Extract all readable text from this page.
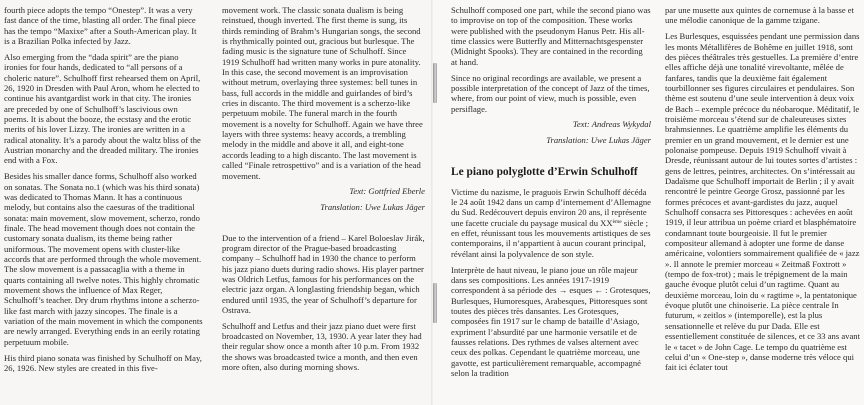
fourth piece adopts the tempo “Onestep”. It was a very fast dance of the time, blasting all order. The final piece has the tempo “Maxixe” after a South-American play. It is a Brazilian Polka infected by Jazz.

Also emerging from the “dada spirit” are the piano ironies for four hands, dedicated to “all persons of a choleric nature”. Schulhoff first rehearsed them on April, 26, 1920 in Dresden with Paul Aron, whom he elected to continue his avantgardist work in that city. The ironies are preceded by one of Schulhoff’s lascivious own poems. It is about the booze, the ecstasy and the erotic merits of his lover Lizzy. The ironies are written in a radical atonality. It’s a parody about the waltz bliss of the Austrian monarchy and the dreaded military. The ironies end with a Fox.

Besides his smaller dance forms, Schulhoff also worked on sonatas. The Sonata no.1 (which was his third sonata) was dedicated to Thomas Mann. It has a continuous melody, but contains also the caesuras of the traditional sonata: main movement, slow movement, scherzo, rondo finale. The head movement though does not contain the customary sonata dualism, its theme being rather uniformous. The movement opens with cluster-like accords that are performed through the whole movement. The slow movement is a passacaglia with a theme in quarts containing all twelve notes. This highly chromatic movement shows the influence of Max Reger, Schulhoff’s teacher. Dry drum rhythms intone a scherzo-like fast march with jazzy sincopes. The finale is a variation of the main movement in which the components are newly arranged. Everything ends in an eerily rotating perpetuum mobile.

His third piano sonata was finished by Schulhoff on May, 26, 1926. New styles are created in this five-

movement work. The classic sonata dualism is being reinstued, though inverted. The first theme is sung, its thirds reminding of Brahm’s Hungarian songs, the second is rhythmically pointed out, gracious but burlesque. The fading music is the signature tune of Schulhoff. Since 1919 Schulhoff had written many works in pure atonality. In this case, the second movement is an improvisation without metrum, overlaying three systemes: bell tunes in bass, full accords in the middle and guirlandes of bird’s cries in discanto. The third movement is a scherzo-like perpetuum mobile. The funeral march in the fourth movement is a novelty for Schulhoff. Again we have three layers with three systems: heavy accords, a trembling melody in the middle and above it all, and eight-tone accords leading to a high discanto. The last movement is called “Finale retrospettivo” and is a variation of the head movement.

Text: Gottfried Eberle

Translation: Uwe Lukas Jäger

Due to the intervention of a friend – Karel Boloeslav Jirák, program director of the Prague-based broadcasting company – Schulhoff had in 1930 the chance to perform his jazz piano duets during radio shows. His player partner was Oldrich Letfus, famous for his performances on the electric jazz organ. A longlasting friendship began, which endured until 1935, the year of Schulhoff’s departure for Ostrava.

Schulhoff and Letfus and their jazz piano duet were first broadcasted on November, 13, 1930. A year later they had their regular show once a month after 10 p.m. From 1932 the shows was broadcasted twice a month, and then even more often, also during morning shows.

Schulhoff composed one part, while the second piano was to improvise on top of the composition. These works were published with the pseudonym Hanus Petr. His all-time classics were Butterfly and Mitternachtsgespenster (Midnight Spooks). They are contained in the recording at hand.

Since no original recordings are available, we present a possible interpretation of the concept of Jazz of the times, where, from our point of view, much is possible, even persiflage.

Text: Andreas Wykydal

Translation: Uwe Lukas Jäger

Le piano polyglotte d’Erwin Schulhoff

Victime du nazisme, le praguois Erwin Schulhoff décéda le 24 août 1942 dans un camp d’internement d’Allemagne du Sud. Redécouvert depuis environ 20 ans, il représente une facette cruciale du paysage musical du XXème siècle ; en effet, réunissant tous les mouvements artistiques de ses contemporains, il n’appartient à aucun courant principal, révélant ainsi la polyvalence de son style.

Interprète de haut niveau, le piano joue un rôle majeur dans ses compositions. Les années 1917-1919 correspondent à sa période des → esques ← : Grotesques, Burlesques, Humoresques, Arabesques, Pittoresques sont toutes des pièces très dansantes. Les Grotesques, composées fin 1917 sur le champ de bataille d’Asiago, expriment l’absurdité par une harmonie versatile et de fausses relations. Des rythmes de valses alternent avec ceux des polkas. Cependant le quatrième morceau, une gavotte, est particulièrement remarquable, accompagné selon la tradition

par une musette aux quintes de cornemuse à la basse et une mélodie canonique de la gamme tzigane.

Les Burlesques, esquissées pendant une permission dans les monts Métallifères de Bohême en juillet 1918, sont des pièces théâtrales très gestuelles. La première d’entre elles affiche déjà une tonalité virevoltante, mêlée de fanfares, tandis que la deuxième fait également tourbillonner ses figures circulaires et pendulaires. Son thème est soutenu d’une seule intervention à deux voix de Bach – exemple précoce du néobaroque. Méditatif, le troisième morceau s’étend sur de chaleureuses sixtes brahmsiennes. Le quatrième amplifie les éléments du premier en un grand mouvement, et le dernier est une polonaise pompeuse. Depuis 1919 Schulhoff vivait à Dresde, réunissant autour de lui toutes sortes d’artistes : gens de lettres, peintres, architectes. On s’intéressait au Dadaïsme que Schulhoff importait de Berlin ; il y avait rencontré le peintre George Grosz, passionné par les formes précoces et avant-gardistes du jazz, auquel Schulhoff consacra ses Pittoresques : achevées en août 1919, il leur attribua un poème criard et blasphématoire condamnant toute bourgeoisie. Il fut le premier compositeur allemand à adopter une forme de danse américaine, volontiers sommairement qualifiée de « jazz ». Il annote le premier morceau « Zeitmaß Foxtrott » (tempo de fox-trot) ; mais le trépignement de la main gauche évoque plutôt celui d’un ragtime. Quant au deuxième morceau, loin du « ragtime », la pentatonique évoque plutôt une chinoiserie. La pièce centrale In futurum, « zeitlos » (intemporelle), est la plus sensationnelle et relève du pur Dada. Elle est essentiellement constituée de silences, et ce 33 ans avant le « tacet » de John Cage. Le tempo du quatrième est celui d’un « One-step », danse moderne très véloce qui fait ici éclater tout
